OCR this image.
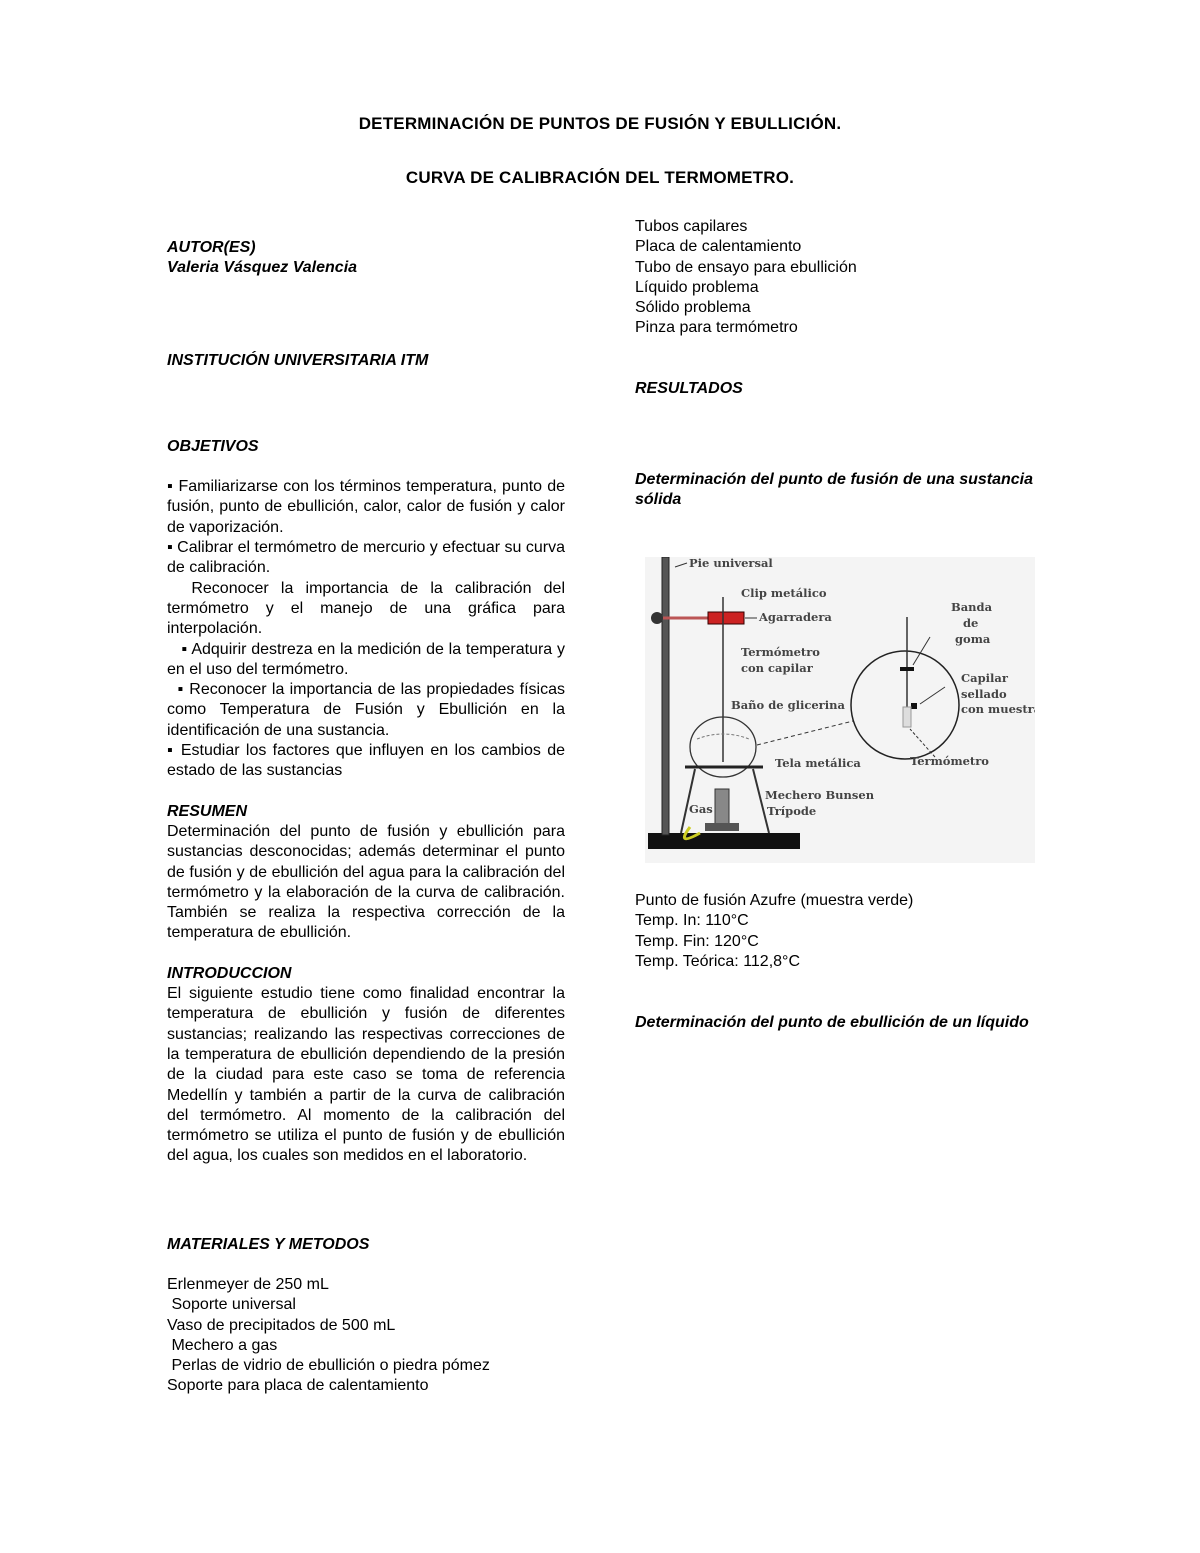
DETERMINACIÓN DE PUNTOS DE FUSIÓN Y EBULLICIÓN.
CURVA DE CALIBRACIÓN DEL TERMOMETRO.

AUTOR(ES)

Valeria Vásquez Valencia

INSTITUCIÓN UNIVERSITARIA ITM

OBJETIVOS

▪ Familiarizarse con los términos temperatura, punto de fusión, punto de ebullición, calor, calor de fusión y calor de vaporización.

▪ Calibrar el termómetro de mercurio y efectuar su curva de calibración.

Reconocer la importancia de la calibración del termómetro y el manejo de una gráfica para interpolación.

▪ Adquirir destreza en la medición de la temperatura y en el uso del termómetro.

▪ Reconocer la importancia de las propiedades físicas como Temperatura de Fusión y Ebullición en la identificación de una sustancia.

▪ Estudiar los factores que influyen en los cambios de estado de las sustancias

RESUMEN

Determinación del punto de fusión y ebullición para sustancias desconocidas; además determinar el punto de fusión y de ebullición del agua para la calibración del termómetro y la elaboración de la curva de calibración. También se realiza la respectiva corrección de la temperatura de ebullición.

INTRODUCCION

El siguiente estudio tiene como finalidad encontrar la temperatura de ebullición y fusión de diferentes sustancias; realizando las respectivas correcciones de la temperatura de ebullición dependiendo de la presión de la ciudad para este caso se toma de referencia Medellín y también a partir de la curva de calibración del termómetro. Al momento de la calibración del termómetro se utiliza el punto de fusión y de ebullición del agua, los cuales son medidos en el laboratorio.

MATERIALES Y METODOS

Erlenmeyer de 250 mL

Soporte universal

Vaso de precipitados de 500 mL

Mechero a gas

Perlas de vidrio de ebullición o piedra pómez

Soporte para placa de calentamiento

Tubos capilares

Placa de calentamiento

Tubo de ensayo para ebullición

Líquido problema

Sólido problema

Pinza para termómetro

RESULTADOS

Determinación del punto de fusión de una sustancia sólida

Pie universal
Clip metálico
Agarradera
Termómetro
con capilar
Baño de glicerina
Tela metálica
Mechero Bunsen
Trípode
Gas
Banda
de
goma
Capilar
sellado
con muestra
Termómetro

Punto de fusión Azufre (muestra verde)

Temp. In: 110°C

Temp. Fin: 120°C

Temp. Teórica: 112,8°C

Determinación del punto de ebullición de un líquido
